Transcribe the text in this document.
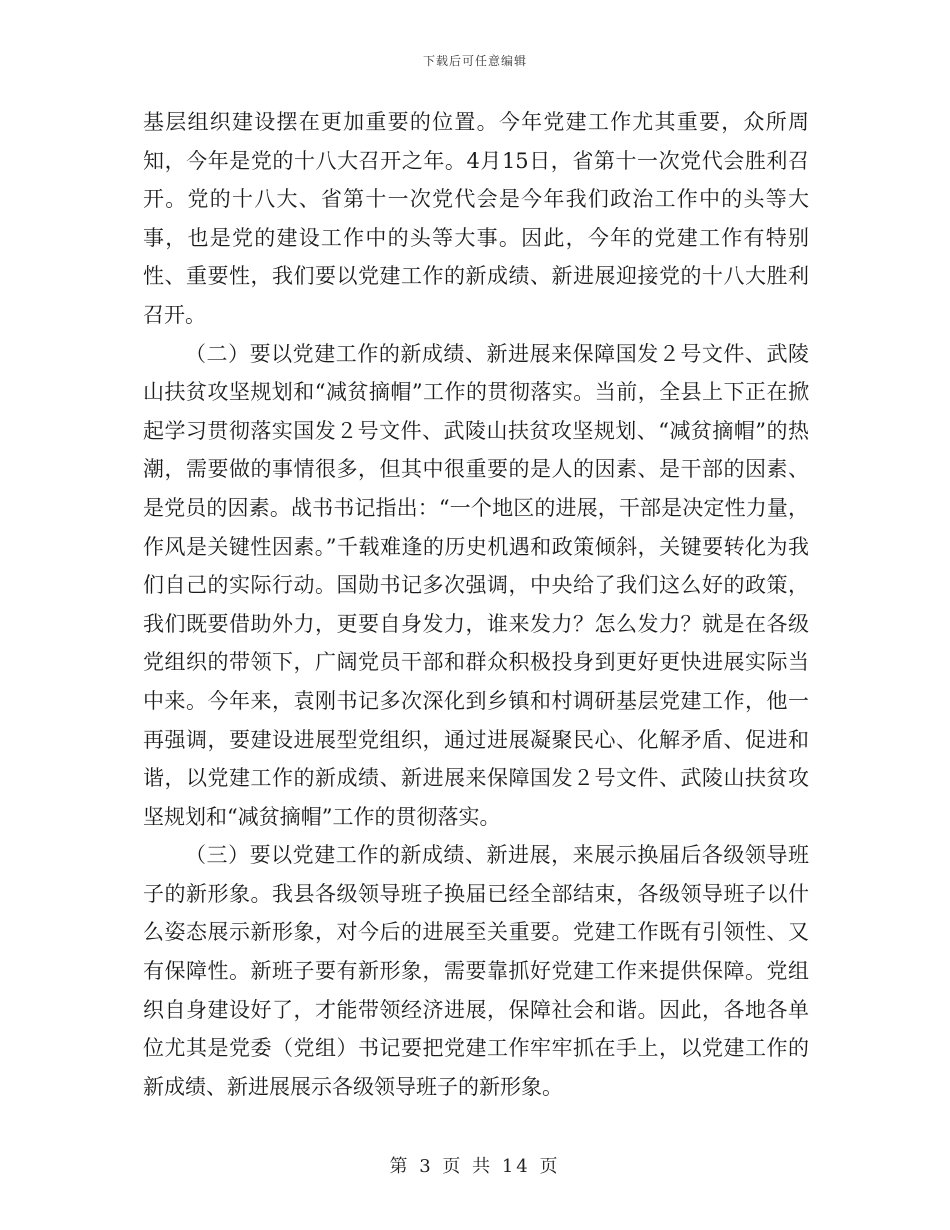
下载后可任意编辑

基层组织建设摆在更加重要的位置。今年党建工作尤其重要，众所周知，今年是党的十八大召开之年。4月15日，省第十一次党代会胜利召开。党的十八大、省第十一次党代会是今年我们政治工作中的头等大事，也是党的建设工作中的头等大事。因此，今年的党建工作有特别性、重要性，我们要以党建工作的新成绩、新进展迎接党的十八大胜利召开。

（二）要以党建工作的新成绩、新进展来保障国发２号文件、武陵山扶贫攻坚规划和“减贫摘帽”工作的贯彻落实。当前，全县上下正在掀起学习贯彻落实国发２号文件、武陵山扶贫攻坚规划、“减贫摘帽”的热潮，需要做的事情很多，但其中很重要的是人的因素、是干部的因素、是党员的因素。战书书记指出：“一个地区的进展，干部是决定性力量，作风是关键性因素。”千载难逢的历史机遇和政策倾斜，关键要转化为我们自己的实际行动。国勋书记多次强调，中央给了我们这么好的政策，我们既要借助外力，更要自身发力，谁来发力？怎么发力？就是在各级党组织的带领下，广阔党员干部和群众积极投身到更好更快进展实际当中来。今年来，袁刚书记多次深化到乡镇和村调研基层党建工作，他一再强调，要建设进展型党组织，通过进展凝聚民心、化解矛盾、促进和谐，以党建工作的新成绩、新进展来保障国发２号文件、武陵山扶贫攻坚规划和“减贫摘帽”工作的贯彻落实。

（三）要以党建工作的新成绩、新进展，来展示换届后各级领导班子的新形象。我县各级领导班子换届已经全部结束，各级领导班子以什么姿态展示新形象，对今后的进展至关重要。党建工作既有引领性、又有保障性。新班子要有新形象，需要靠抓好党建工作来提供保障。党组织自身建设好了，才能带领经济进展，保障社会和谐。因此，各地各单位尤其是党委（党组）书记要把党建工作牢牢抓在手上，以党建工作的新成绩、新进展展示各级领导班子的新形象。

第 3 页 共 14 页
